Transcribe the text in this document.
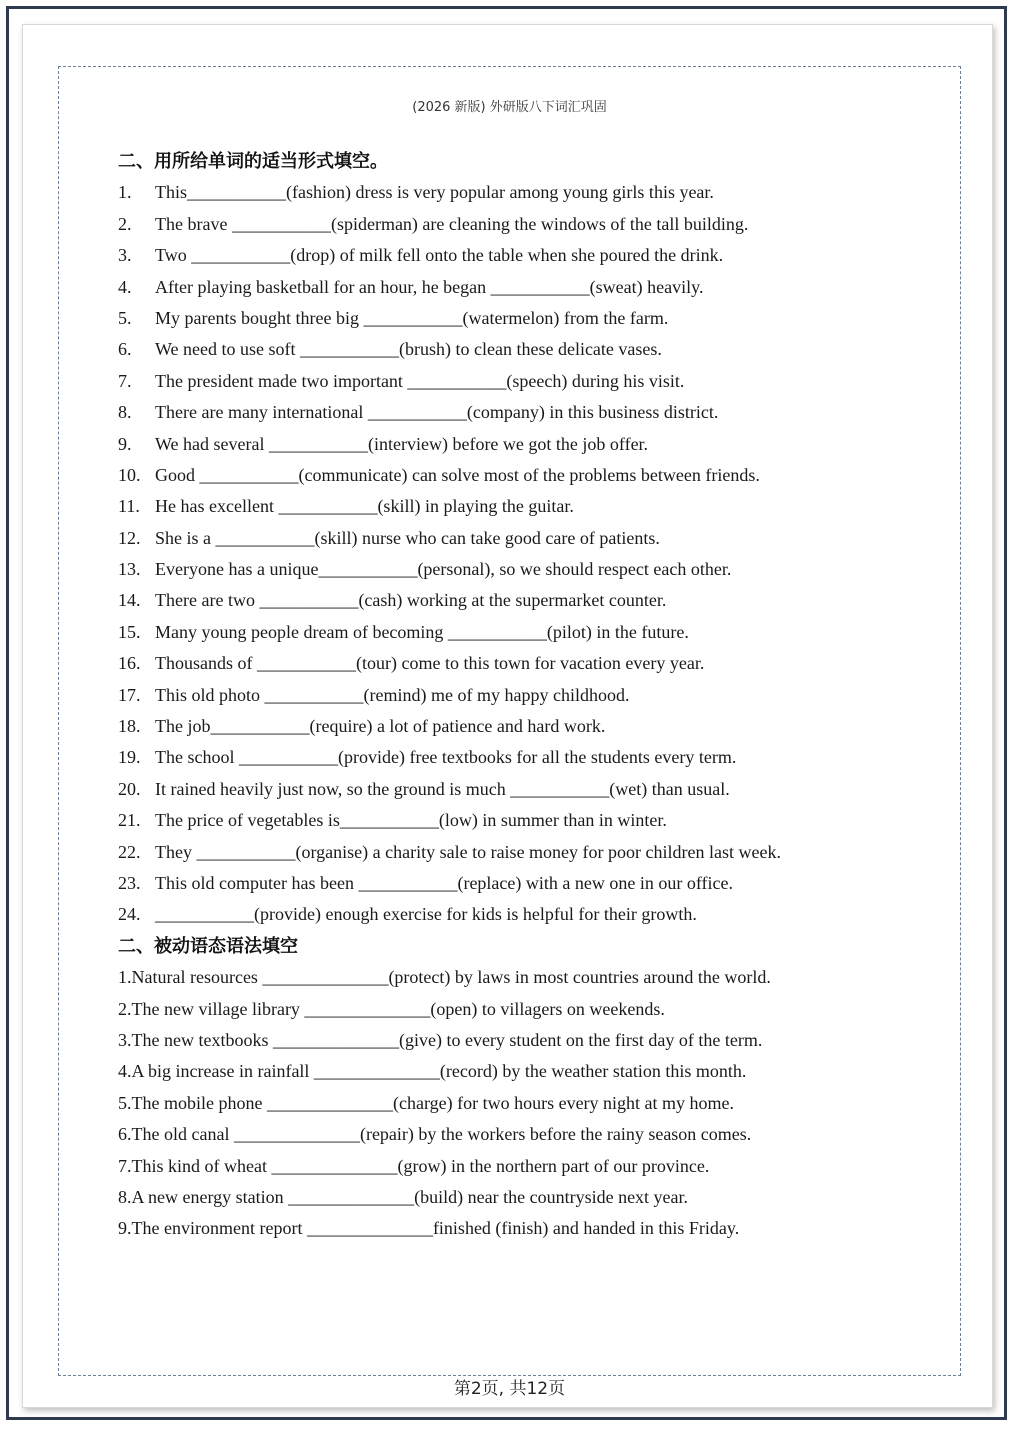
(2026 新版) 外研版八下词汇巩固
二、用所给单词的适当形式填空。
1. This___________(fashion) dress is very popular among young girls this year.
2. The brave ___________(spiderman) are cleaning the windows of the tall building.
3. Two ___________(drop) of milk fell onto the table when she poured the drink.
4. After playing basketball for an hour, he began ___________(sweat) heavily.
5. My parents bought three big ___________(watermelon) from the farm.
6. We need to use soft ___________(brush) to clean these delicate vases.
7. The president made two important ___________(speech) during his visit.
8. There are many international ___________(company) in this business district.
9. We had several ___________(interview) before we got the job offer.
10. Good ___________(communicate) can solve most of the problems between friends.
11. He has excellent ___________(skill) in playing the guitar.
12. She is a ___________(skill) nurse who can take good care of patients.
13. Everyone has a unique___________(personal), so we should respect each other.
14. There are two ___________(cash) working at the supermarket counter.
15. Many young people dream of becoming ___________(pilot) in the future.
16. Thousands of ___________(tour) come to this town for vacation every year.
17. This old photo ___________(remind) me of my happy childhood.
18. The job___________(require) a lot of patience and hard work.
19. The school ___________(provide) free textbooks for all the students every term.
20. It rained heavily just now, so the ground is much ___________(wet) than usual.
21. The price of vegetables is___________(low) in summer than in winter.
22. They ___________(organise) a charity sale to raise money for poor children last week.
23. This old computer has been ___________(replace) with a new one in our office.
24. ___________(provide) enough exercise for kids is helpful for their growth.
二、被动语态语法填空
1.Natural resources ______________(protect) by laws in most countries around the world.
2.The new village library ______________(open) to villagers on weekends.
3.The new textbooks ______________(give) to every student on the first day of the term.
4.A big increase in rainfall ______________(record) by the weather station this month.
5.The mobile phone ______________(charge) for two hours every night at my home.
6.The old canal ______________(repair) by the workers before the rainy season comes.
7.This kind of wheat ______________(grow) in the northern part of our province.
8.A new energy station ______________(build) near the countryside next year.
9.The environment report ______________finished (finish) and handed in this Friday.
第2页, 共12页
